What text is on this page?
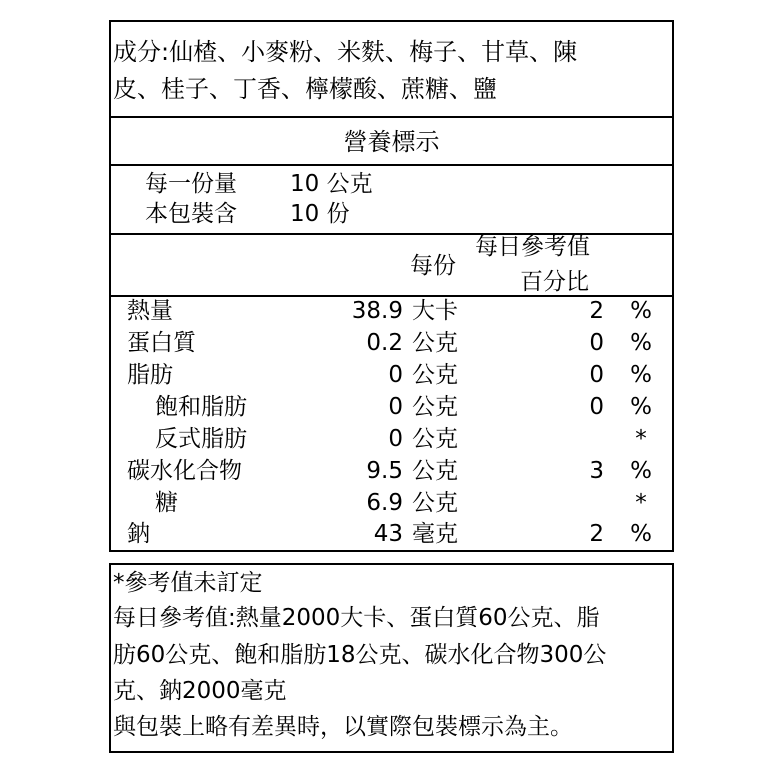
成分:仙楂、小麥粉、米麩、梅子、甘草、陳
皮、桂子、丁香、檸檬酸、蔗糖、鹽
營養標示
每一份量 10 公克
本包裝含 10 份
每份
每日參考值
百分比
熱量	38.9 大卡	2 %
蛋白質	0.2 公克	0 %
脂肪	0 公克	0 %
飽和脂肪	0 公克	0 %
反式脂肪	0 公克	*
碳水化合物	9.5 公克	3 %
糖	6.9 公克	*
鈉	43 毫克	2 %
*參考值未訂定
每日參考值:熱量2000大卡、蛋白質60公克、脂
肪60公克、飽和脂肪18公克、碳水化合物300公
克、鈉2000毫克
與包裝上略有差異時，以實際包裝標示為主。
